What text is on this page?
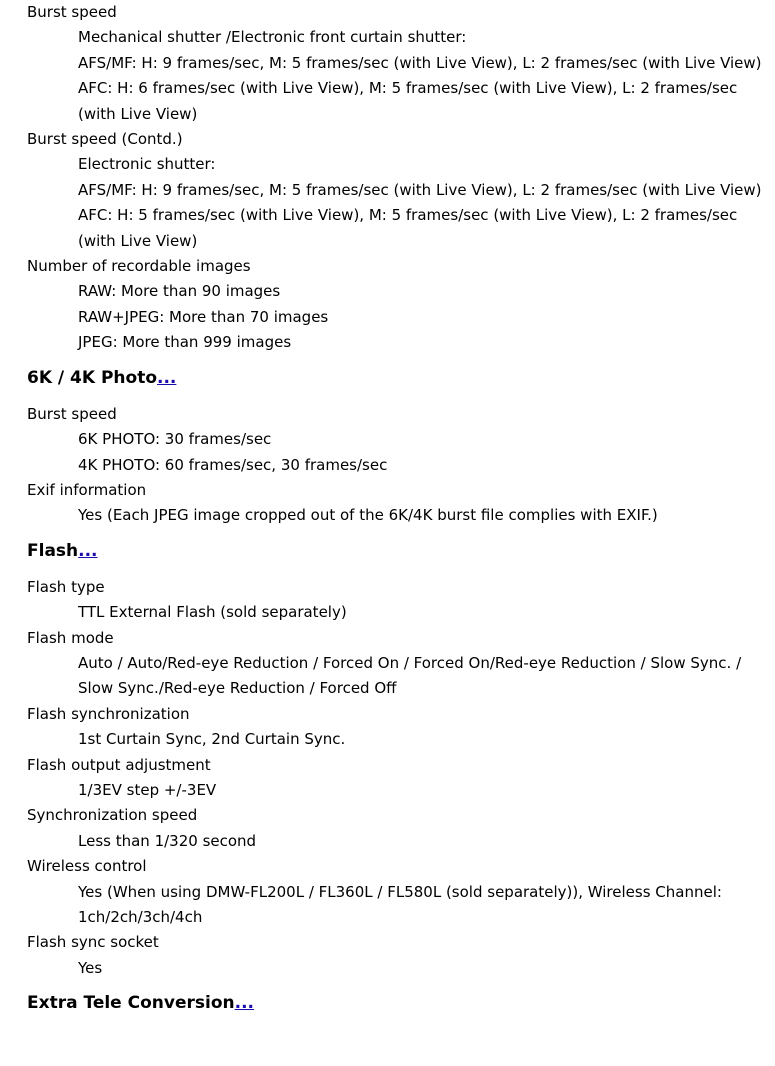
Burst speed

Mechanical shutter /Electronic front curtain shutter:

AFS/MF: H: 9 frames/sec, M: 5 frames/sec (with Live View), L: 2 frames/sec (with Live View)

AFC: H: 6 frames/sec (with Live View), M: 5 frames/sec (with Live View), L: 2 frames/sec (with Live View)

Burst speed (Contd.)

Electronic shutter:

AFS/MF: H: 9 frames/sec, M: 5 frames/sec (with Live View), L: 2 frames/sec (with Live View)

AFC: H: 5 frames/sec (with Live View), M: 5 frames/sec (with Live View), L: 2 frames/sec (with Live View)

Number of recordable images

RAW: More than 90 images

RAW+JPEG: More than 70 images

JPEG: More than 999 images

6K / 4K Photo...

Burst speed

6K PHOTO: 30 frames/sec

4K PHOTO: 60 frames/sec, 30 frames/sec

Exif information

Yes (Each JPEG image cropped out of the 6K/4K burst file complies with EXIF.)

Flash...

Flash type

TTL External Flash (sold separately)

Flash mode

Auto / Auto/Red-eye Reduction / Forced On / Forced On/Red-eye Reduction / Slow Sync. / Slow Sync./Red-eye Reduction / Forced Off

Flash synchronization

1st Curtain Sync, 2nd Curtain Sync.

Flash output adjustment

1/3EV step +/-3EV

Synchronization speed

Less than 1/320 second

Wireless control

Yes (When using DMW-FL200L / FL360L / FL580L (sold separately)), Wireless Channel: 1ch/2ch/3ch/4ch

Flash sync socket

Yes

Extra Tele Conversion...
